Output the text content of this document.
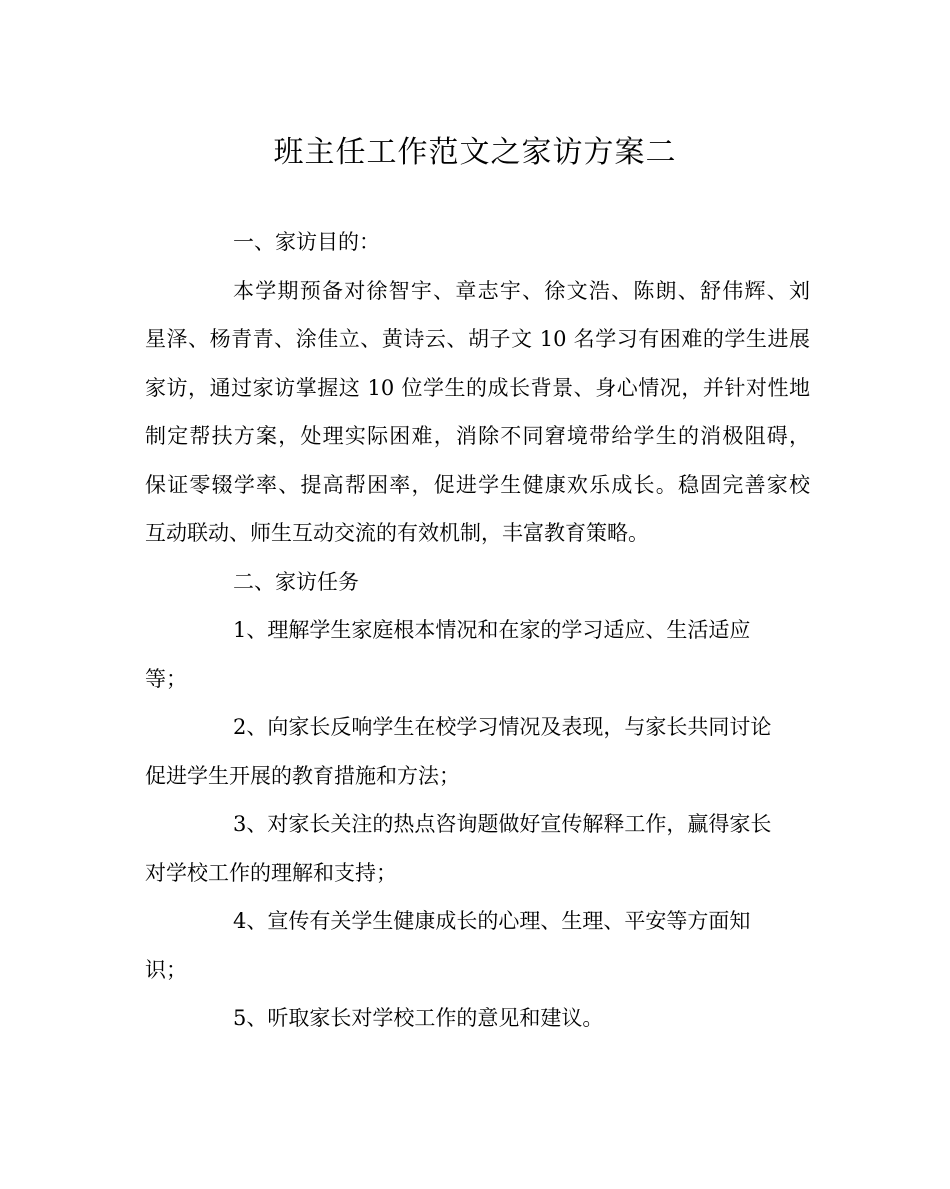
班主任工作范文之家访方案二
一、家访目的：
本学期预备对徐智宇、章志宇、徐文浩、陈朗、舒伟辉、刘
星泽、杨青青、涂佳立、黄诗云、胡子文 10 名学习有困难的学生进展
家访，通过家访掌握这 10 位学生的成长背景、身心情况，并针对性地
制定帮扶方案，处理实际困难，消除不同窘境带给学生的消极阻碍，
保证零辍学率、提高帮困率，促进学生健康欢乐成长。稳固完善家校
互动联动、师生互动交流的有效机制，丰富教育策略。
二、家访任务
1、理解学生家庭根本情况和在家的学习适应、生活适应
等；
2、向家长反响学生在校学习情况及表现，与家长共同讨论
促进学生开展的教育措施和方法；
3、对家长关注的热点咨询题做好宣传解释工作，赢得家长
对学校工作的理解和支持；
4、宣传有关学生健康成长的心理、生理、平安等方面知
识；
5、听取家长对学校工作的意见和建议。
